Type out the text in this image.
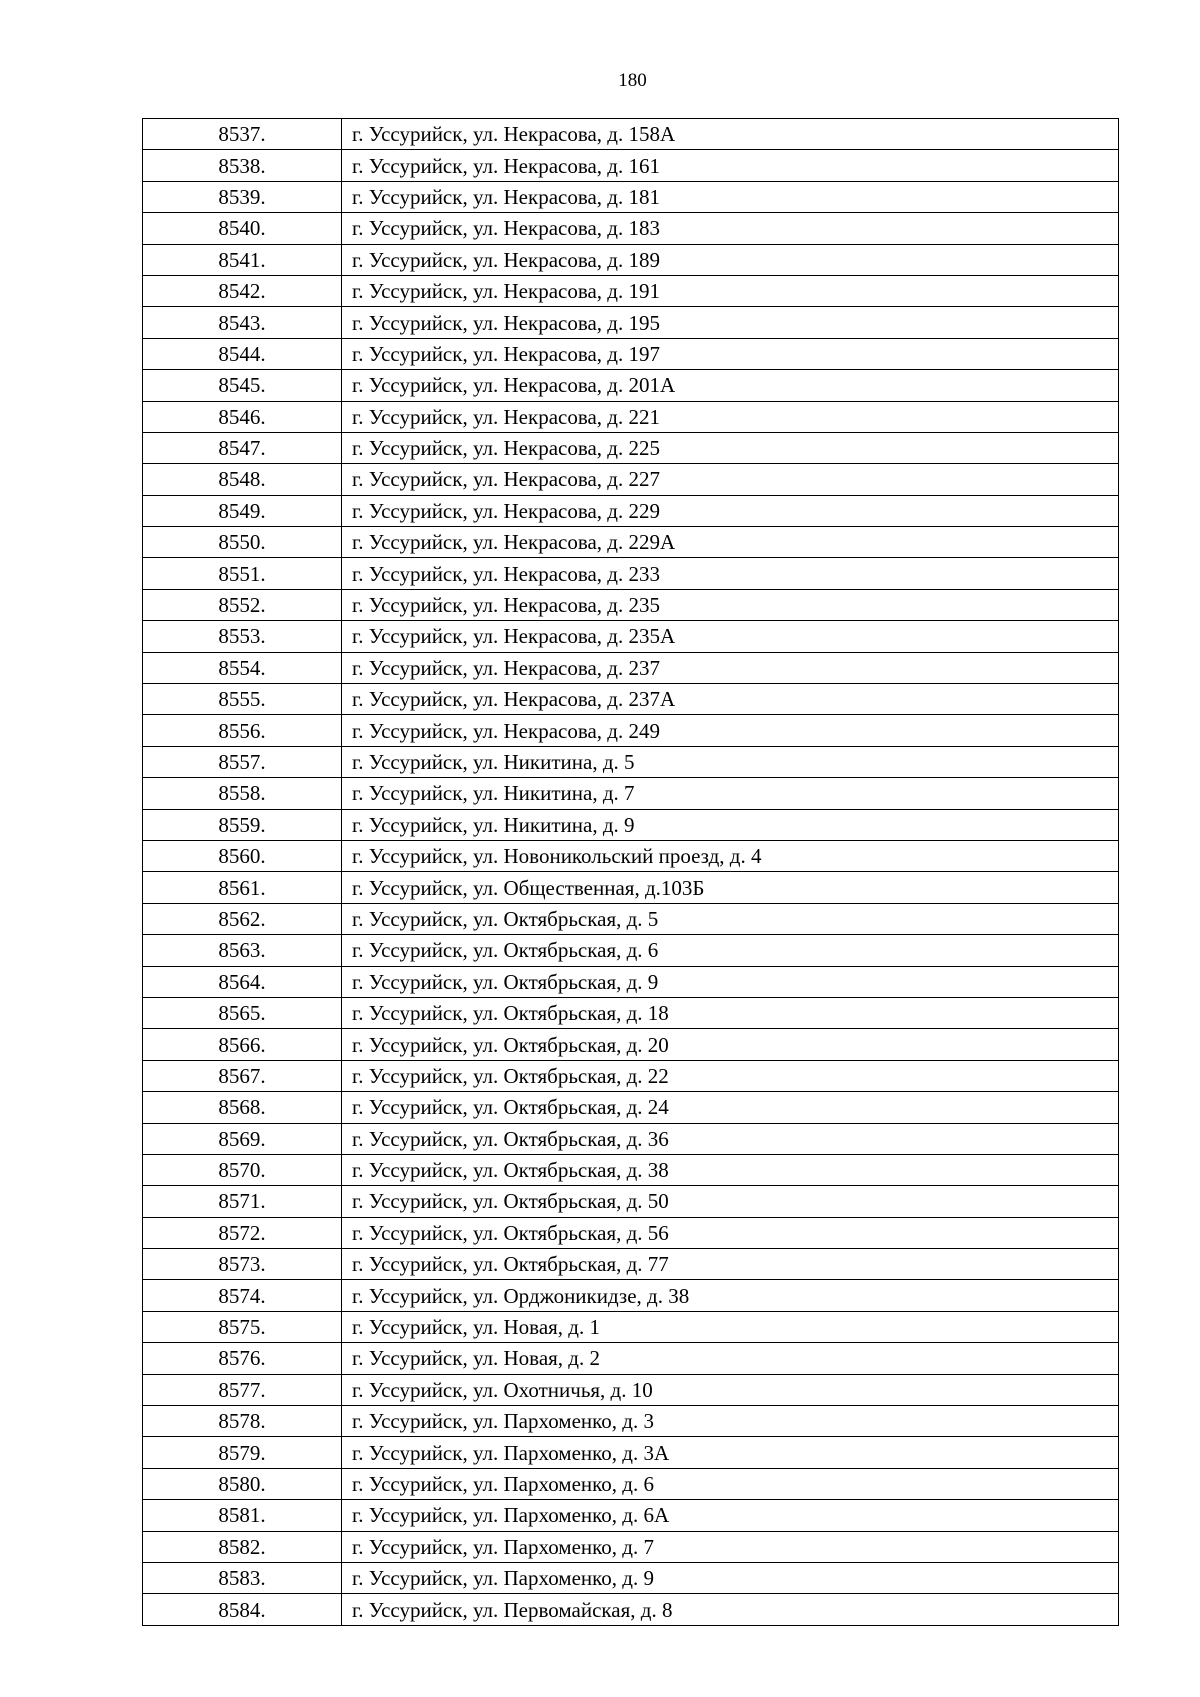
180
8537.	г. Уссурийск, ул. Некрасова, д. 158А
8538.	г. Уссурийск, ул. Некрасова, д. 161
8539.	г. Уссурийск, ул. Некрасова, д. 181
8540.	г. Уссурийск, ул. Некрасова, д. 183
8541.	г. Уссурийск, ул. Некрасова, д. 189
8542.	г. Уссурийск, ул. Некрасова, д. 191
8543.	г. Уссурийск, ул. Некрасова, д. 195
8544.	г. Уссурийск, ул. Некрасова, д. 197
8545.	г. Уссурийск, ул. Некрасова, д. 201А
8546.	г. Уссурийск, ул. Некрасова, д. 221
8547.	г. Уссурийск, ул. Некрасова, д. 225
8548.	г. Уссурийск, ул. Некрасова, д. 227
8549.	г. Уссурийск, ул. Некрасова, д. 229
8550.	г. Уссурийск, ул. Некрасова, д. 229А
8551.	г. Уссурийск, ул. Некрасова, д. 233
8552.	г. Уссурийск, ул. Некрасова, д. 235
8553.	г. Уссурийск, ул. Некрасова, д. 235А
8554.	г. Уссурийск, ул. Некрасова, д. 237
8555.	г. Уссурийск, ул. Некрасова, д. 237А
8556.	г. Уссурийск, ул. Некрасова, д. 249
8557.	г. Уссурийск, ул. Никитина, д. 5
8558.	г. Уссурийск, ул. Никитина, д. 7
8559.	г. Уссурийск, ул. Никитина, д. 9
8560.	г. Уссурийск, ул. Новоникольский проезд, д. 4
8561.	г. Уссурийск, ул. Общественная, д.103Б
8562.	г. Уссурийск, ул. Октябрьская, д. 5
8563.	г. Уссурийск, ул. Октябрьская, д. 6
8564.	г. Уссурийск, ул. Октябрьская, д. 9
8565.	г. Уссурийск, ул. Октябрьская, д. 18
8566.	г. Уссурийск, ул. Октябрьская, д. 20
8567.	г. Уссурийск, ул. Октябрьская, д. 22
8568.	г. Уссурийск, ул. Октябрьская, д. 24
8569.	г. Уссурийск, ул. Октябрьская, д. 36
8570.	г. Уссурийск, ул. Октябрьская, д. 38
8571.	г. Уссурийск, ул. Октябрьская, д. 50
8572.	г. Уссурийск, ул. Октябрьская, д. 56
8573.	г. Уссурийск, ул. Октябрьская, д. 77
8574.	г. Уссурийск, ул. Орджоникидзе, д. 38
8575.	г. Уссурийск, ул. Новая, д. 1
8576.	г. Уссурийск, ул. Новая, д. 2
8577.	г. Уссурийск, ул. Охотничья, д. 10
8578.	г. Уссурийск, ул. Пархоменко, д. 3
8579.	г. Уссурийск, ул. Пархоменко, д. 3А
8580.	г. Уссурийск, ул. Пархоменко, д. 6
8581.	г. Уссурийск, ул. Пархоменко, д. 6А
8582.	г. Уссурийск, ул. Пархоменко, д. 7
8583.	г. Уссурийск, ул. Пархоменко, д. 9
8584.	г. Уссурийск, ул. Первомайская, д. 8
